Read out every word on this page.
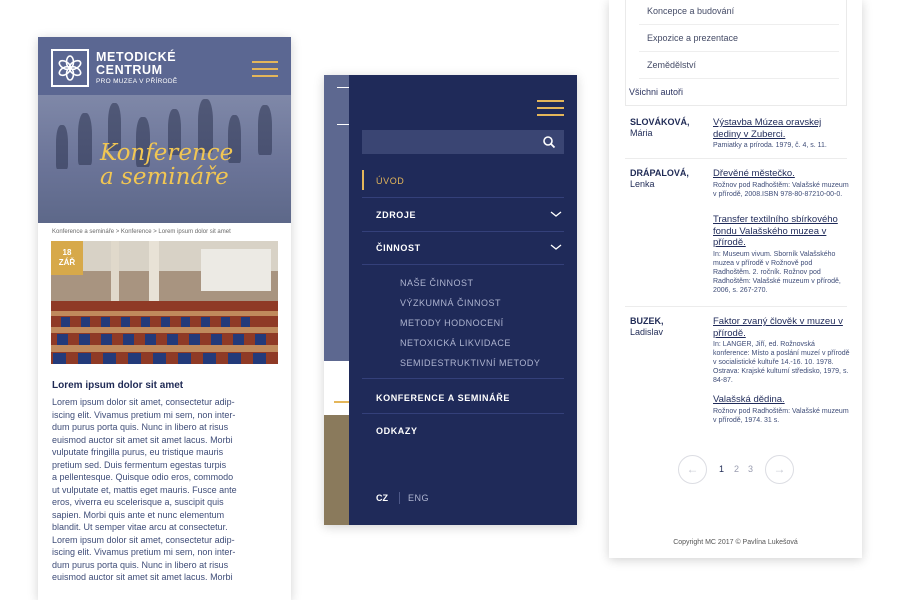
METODICKÉ
CENTRUM
PRO MUZEA V PŘÍRODĚ
Konference
a semináře
Konference a semináře > Konference > Lorem ipsum dolor sit amet
18
ZÁŘ
Lorem ipsum dolor sit amet
Lorem ipsum dolor sit amet, consectetur adip-
iscing elit. Vivamus pretium mi sem, non inter-
dum purus porta quis. Nunc in libero at risus
euismod auctor sit amet sit amet lacus. Morbi
vulputate fringilla purus, eu tristique mauris
pretium sed. Duis fermentum egestas turpis
a pellentesque. Quisque odio eros, commodo
ut vulputate et, mattis eget mauris. Fusce ante
eros, viverra eu scelerisque a, suscipit quis
sapien. Morbi quis ante et nunc elementum
blandit. Ut semper vitae arcu at consectetur.
Lorem ipsum dolor sit amet, consectetur adip-
iscing elit. Vivamus pretium mi sem, non inter-
dum purus porta quis. Nunc in libero at risus
euismod auctor sit amet sit amet lacus. Morbi
ÚVOD
ZDROJE
ČINNOST
NAŠE ČINNOST
VÝZKUMNÁ ČINNOST
METODY HODNOCENÍ
NETOXICKÁ LIKVIDACE
SEMIDESTRUKTIVNÍ METODY
KONFERENCE A SEMINÁŘE
ODKAZY
CZ ENG
Koncepce a budování
Expozice a prezentace
Zemědělství
Všichni autoři
SLOVÁKOVÁ,
Mária
Výstavba Múzea oravskej dediny v Zuberci.
Pamiatky a príroda. 1979, č. 4, s. 11.
DRÁPALOVÁ,
Lenka
Dřevěné městečko.
Rožnov pod Radhoštěm: Valašské muzeum v přírodě, 2008.ISBN 978-80-87210-00-0.
Transfer textilního sbírkového fondu Valašského muzea v přírodě.
In: Museum vivum. Sborník Valašského muzea v přírodě v Rožnově pod Radhoštěm. 2. ročník. Rožnov pod Radhoštěm: Valašské muzeum v přírodě, 2006, s. 267-270.
BUZEK,
Ladislav
Faktor zvaný člověk v muzeu v přírodě.
In: LANGER, Jiří, ed. Rožnovská konference: Místo a poslání muzeí v přírodě v socialistické kultuře 14.-16. 10. 1978. Ostrava: Krajské kulturní středisko, 1979, s. 84-87.
Valašská dědina.
Rožnov pod Radhoštěm: Valašské muzeum v přírodě, 1974. 31 s.
←	1 2 3	→
Copyright MC 2017 © Pavlína Lukešová
